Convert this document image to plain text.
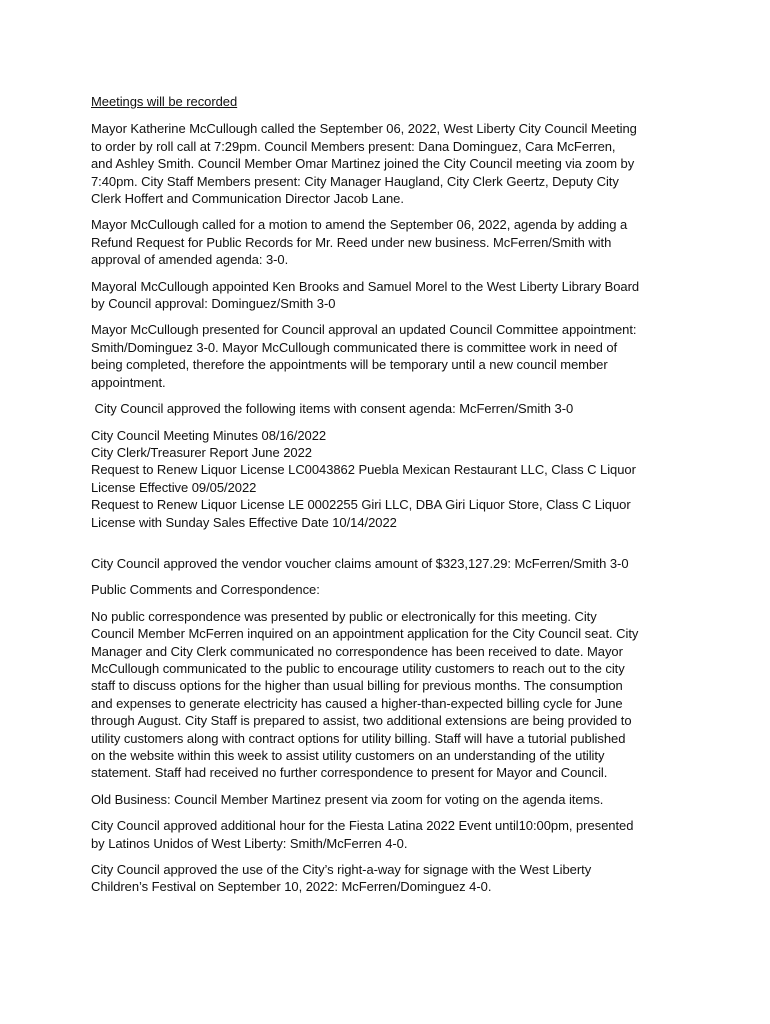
Meetings will be recorded
Mayor Katherine McCullough called the September 06, 2022, West Liberty City Council Meeting
to order by roll call at 7:29pm. Council Members present: Dana Dominguez, Cara McFerren,
and Ashley Smith. Council Member Omar Martinez joined the City Council meeting via zoom by
7:40pm. City Staff Members present: City Manager Haugland, City Clerk Geertz, Deputy City
Clerk Hoffert and Communication Director Jacob Lane.
Mayor McCullough called for a motion to amend the September 06, 2022, agenda by adding a
Refund Request for Public Records for Mr. Reed under new business. McFerren/Smith with
approval of amended agenda: 3-0.
Mayoral McCullough appointed Ken Brooks and Samuel Morel to the West Liberty Library Board
by Council approval: Dominguez/Smith 3-0
Mayor McCullough presented for Council approval an updated Council Committee appointment:
Smith/Dominguez 3-0. Mayor McCullough communicated there is committee work in need of
being completed, therefore the appointments will be temporary until a new council member
appointment.
City Council approved the following items with consent agenda: McFerren/Smith 3-0
City Council Meeting Minutes 08/16/2022
City Clerk/Treasurer Report June 2022
Request to Renew Liquor License LC0043862 Puebla Mexican Restaurant LLC, Class C Liquor
License Effective 09/05/2022
Request to Renew Liquor License LE 0002255 Giri LLC, DBA Giri Liquor Store, Class C Liquor
License with Sunday Sales Effective Date 10/14/2022
City Council approved the vendor voucher claims amount of $323,127.29: McFerren/Smith 3-0
Public Comments and Correspondence:
No public correspondence was presented by public or electronically for this meeting. City
Council Member McFerren inquired on an appointment application for the City Council seat. City
Manager and City Clerk communicated no correspondence has been received to date. Mayor
McCullough communicated to the public to encourage utility customers to reach out to the city
staff to discuss options for the higher than usual billing for previous months. The consumption
and expenses to generate electricity has caused a higher-than-expected billing cycle for June
through August. City Staff is prepared to assist, two additional extensions are being provided to
utility customers along with contract options for utility billing. Staff will have a tutorial published
on the website within this week to assist utility customers on an understanding of the utility
statement. Staff had received no further correspondence to present for Mayor and Council.
Old Business: Council Member Martinez present via zoom for voting on the agenda items.
City Council approved additional hour for the Fiesta Latina 2022 Event until10:00pm, presented
by Latinos Unidos of West Liberty: Smith/McFerren 4-0.
City Council approved the use of the City’s right-a-way for signage with the West Liberty
Children’s Festival on September 10, 2022: McFerren/Dominguez 4-0.
